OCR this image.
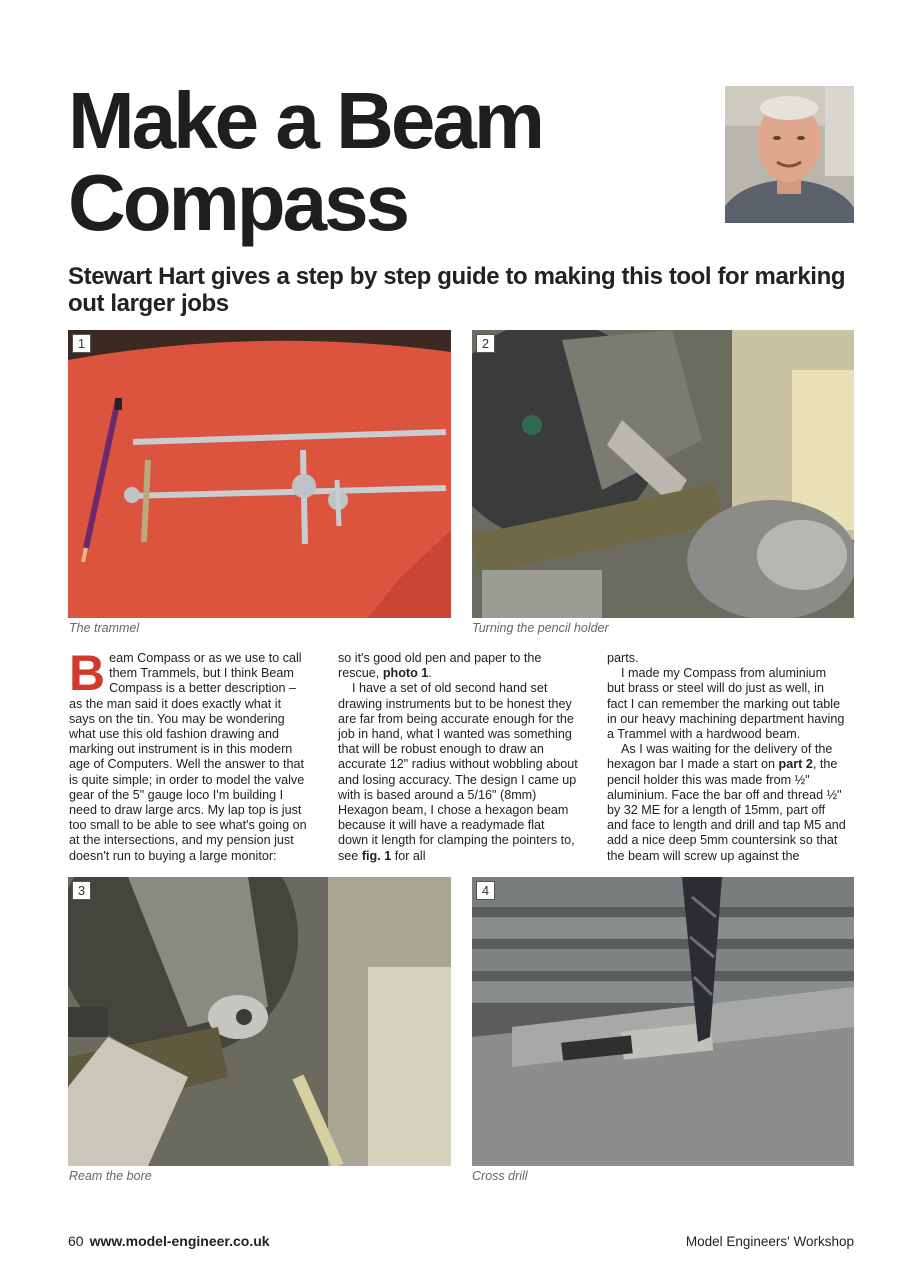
Make a Beam
Compass

Stewart Hart gives a step by step guide to making this tool for marking out larger jobs

1

The trammel

2

Turning the pencil holder

Beam Compass or as we use to call them Trammels, but I think Beam Compass is a better description – as the man said it does exactly what it says on the tin. You may be wondering what use this old fashion drawing and marking out instrument is in this modern age of Computers. Well the answer to that is quite simple; in order to model the valve gear of the 5" gauge loco I'm building I need to draw large arcs. My lap top is just too small to be able to see what's going on at the intersections, and my pension just doesn't run to buying a large monitor:

so it's good old pen and paper to the rescue, photo 1.

I have a set of old second hand set drawing instruments but to be honest they are far from being accurate enough for the job in hand, what I wanted was something that will be robust enough to draw an accurate 12" radius without wobbling about and losing accuracy. The design I came up with is based around a 5/16" (8mm) Hexagon beam, I chose a hexagon beam because it will have a readymade flat down it length for clamping the pointers to, see fig. 1 for all

parts.

I made my Compass from aluminium but brass or steel will do just as well, in fact I can remember the marking out table in our heavy machining department having a Trammel with a hardwood beam.

As I was waiting for the delivery of the hexagon bar I made a start on part 2, the pencil holder this was made from ½" aluminium. Face the bar off and thread ½" by 32 ME for a length of 15mm, part off and face to length and drill and tap M5 and add a nice deep 5mm countersink so that the beam will screw up against the

3

Ream the bore

4

Cross drill

60 www.model-engineer.co.uk	Model Engineers' Workshop
